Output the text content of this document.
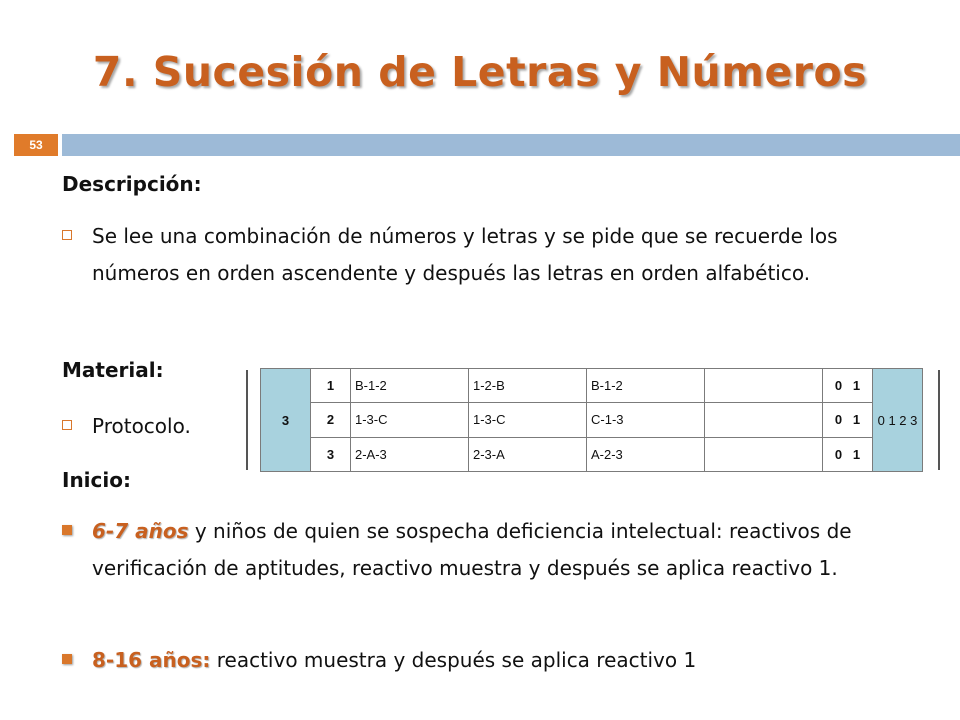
7. Sucesión de Letras y Números
53
Descripción:
Se lee una combinación de números y letras y se pide que se recuerde los números en orden ascendente y después las letras en orden alfabético.
Material:
Protocolo.	3	1	B-1-2	1-2-B	B-1-2		0 1	0 1 2 3
	2	1-3-C	1-3-C	C-1-3		0 1	
	3	2-A-3	2-3-A	A-2-3		0 1	
Inicio:
6-7 años y niños de quien se sospecha deficiencia intelectual: reactivos de verificación de aptitudes, reactivo muestra y después se aplica reactivo 1.
8-16 años: reactivo muestra y después se aplica reactivo 1
